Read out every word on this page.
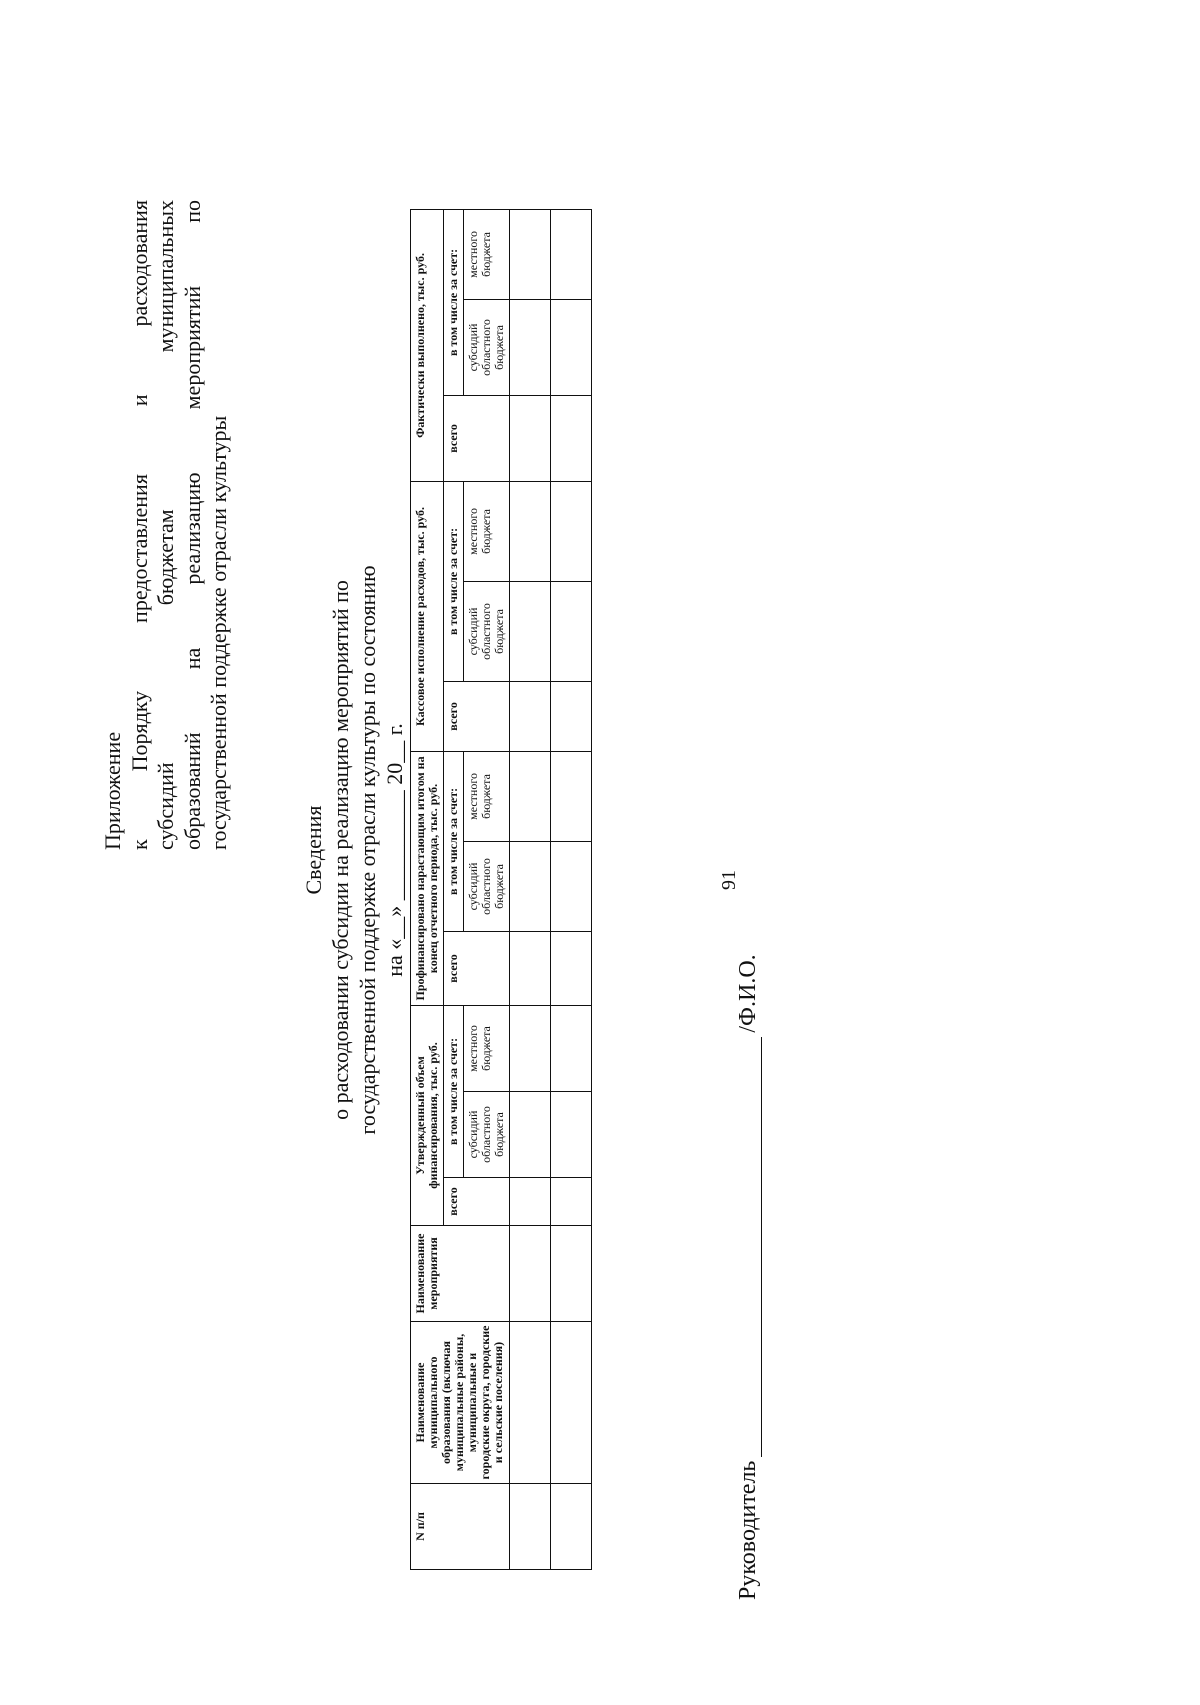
91
Приложение к Порядку предоставления и расходования субсидий бюджетам муниципальных образований на реализацию мероприятий по государственной поддержке отрасли культуры	Сведения о расходовании субсидии на реализацию мероприятий по государственной поддержке отрасли культуры по состоянию на «__» __________ 20__ г.
N п/п	Наименование муниципального образования (включая муниципальные районы, муниципальные и городские округа, городские и сельские поселения)	Наименование мероприятия	Утвержденный объем финансирования, тыс. руб.			Профинансировано нарастающим итогом на конец отчетного периода, тыс. руб.			Кассовое исполнение расходов, тыс. руб.			Фактически выполнено, тыс. руб.		
			всего	в том числе за счет:		всего	в том числе за счет:		всего	в том числе за счет:		всего	в том числе за счет:	
				субсидий областного бюджета	местного бюджета		субсидий областного бюджета	местного бюджета		субсидий областного бюджета	местного бюджета		субсидий областного бюджета	местного бюджета

Руководитель
/Ф.И.О.
